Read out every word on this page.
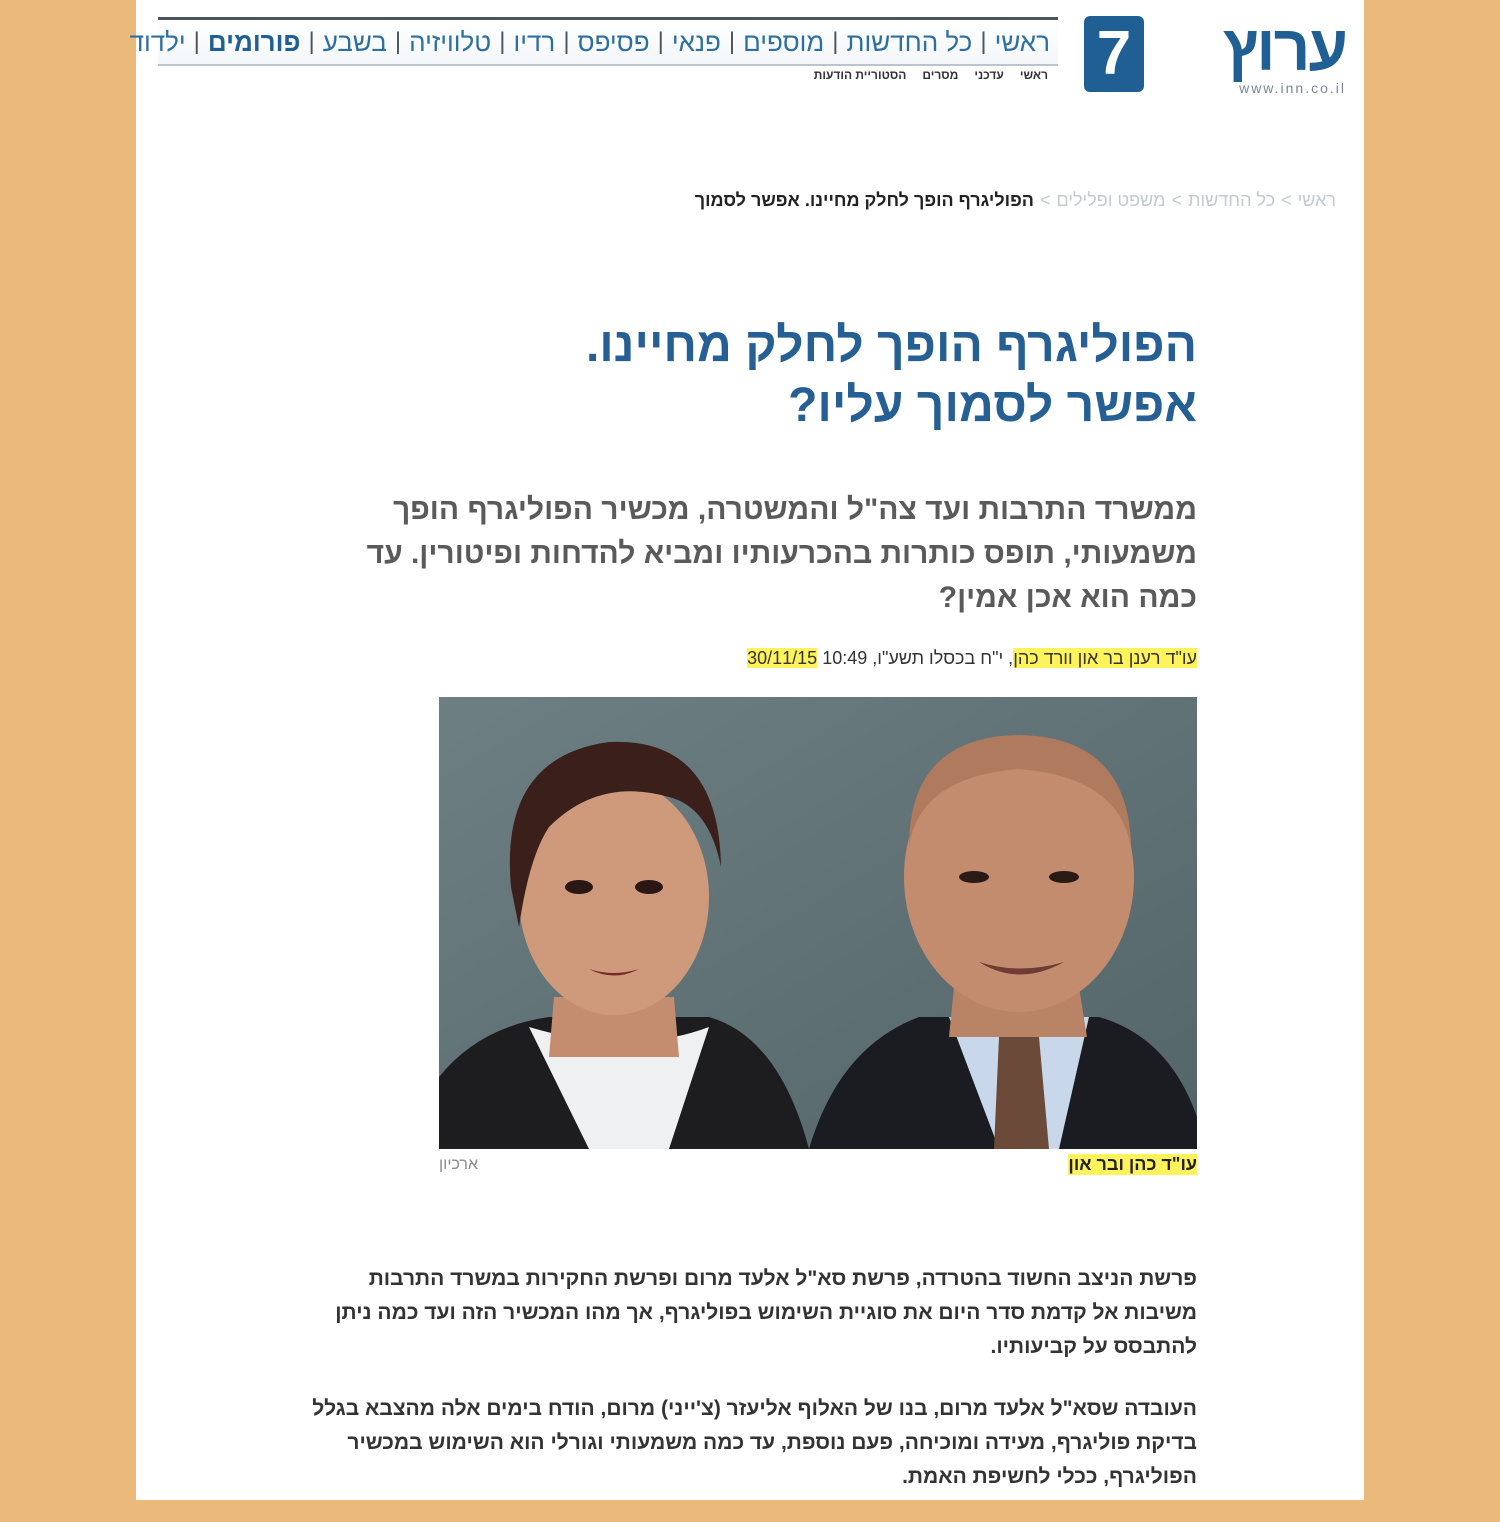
ערוץ
7	www.inn.co.il
ראשי
|
כל החדשות
|
מוספים
|
פנאי
|
פסיפס
|
רדיו
|
טלוויזיה
|
בשבע
|
פורומים
|
ילדוד
ראשי
עדכני
מסרים
הסטוריית הודעות
ראשי
>
כל החדשות
>
משפט ופלילים
>
הפוליגרף הופך לחלק מחיינו. אפשר לסמוך
הפוליגרף הופך לחלק מחיינו.
אפשר לסמוך עליו?

ממשרד התרבות ועד צה"ל והמשטרה, מכשיר הפוליגרף הופך משמעותי, תופס כותרות בהכרעותיו ומביא להדחות ופיטורין. עד כמה הוא אכן אמין?

עו"ד רענן בר און וורד כהן, י"ח בכסלו תשע"ו, 10:49 30/11/15
עו"ד כהן ובר און
ארכיון

פרשת הניצב החשוד בהטרדה, פרשת סא"ל אלעד מרום ופרשת החקירות במשרד התרבות משיבות אל קדמת סדר היום את סוגיית השימוש בפוליגרף, אך מהו המכשיר הזה ועד כמה ניתן להתבסס על קביעותיו.

העובדה שסא"ל אלעד מרום, בנו של האלוף אליעזר (צ'ייני) מרום, הודח בימים אלה מהצבא בגלל בדיקת פוליגרף, מעידה ומוכיחה, פעם נוספת, עד כמה משמעותי וגורלי הוא השימוש במכשיר הפוליגרף, ככלי לחשיפת האמת.
